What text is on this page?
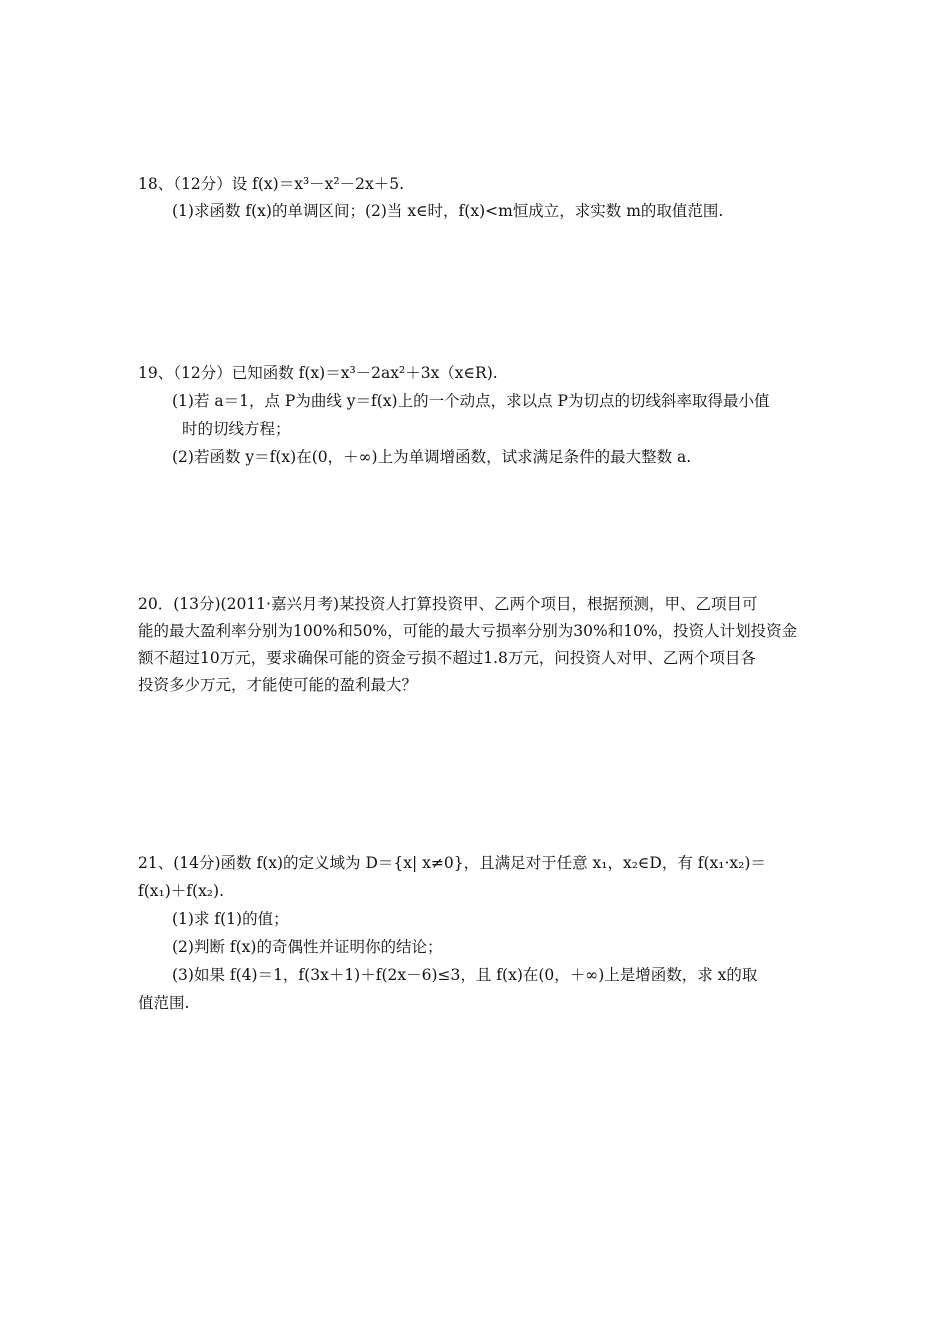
18、（12分）设 f(x)＝x³－x²－2x＋5.
(1)求函数 f(x)的单调区间；(2)当 x∈时，f(x)<m恒成立，求实数 m的取值范围.
19、（12分）已知函数 f(x)＝x³－2ax²＋3x（x∈R).
(1)若 a＝1，点 P为曲线 y＝f(x)上的一个动点，求以点 P为切点的切线斜率取得最小值
时的切线方程；
(2)若函数 y＝f(x)在(0，＋∞)上为单调增函数，试求满足条件的最大整数 a.
20．(13分)(2011·嘉兴月考)某投资人打算投资甲、乙两个项目，根据预测，甲、乙项目可
能的最大盈利率分别为100%和50%，可能的最大亏损率分别为30%和10%，投资人计划投资金
额不超过10万元，要求确保可能的资金亏损不超过1.8万元，问投资人对甲、乙两个项目各
投资多少万元，才能使可能的盈利最大？
21、(14分)函数 f(x)的定义域为 D＝{x| x≠0}，且满足对于任意 x₁，x₂∈D，有 f(x₁·x₂)＝
f(x₁)＋f(x₂).
(1)求 f(1)的值；
(2)判断 f(x)的奇偶性并证明你的结论；
(3)如果 f(4)＝1，f(3x＋1)＋f(2x－6)≤3，且 f(x)在(0，＋∞)上是增函数，求 x的取
值范围.
